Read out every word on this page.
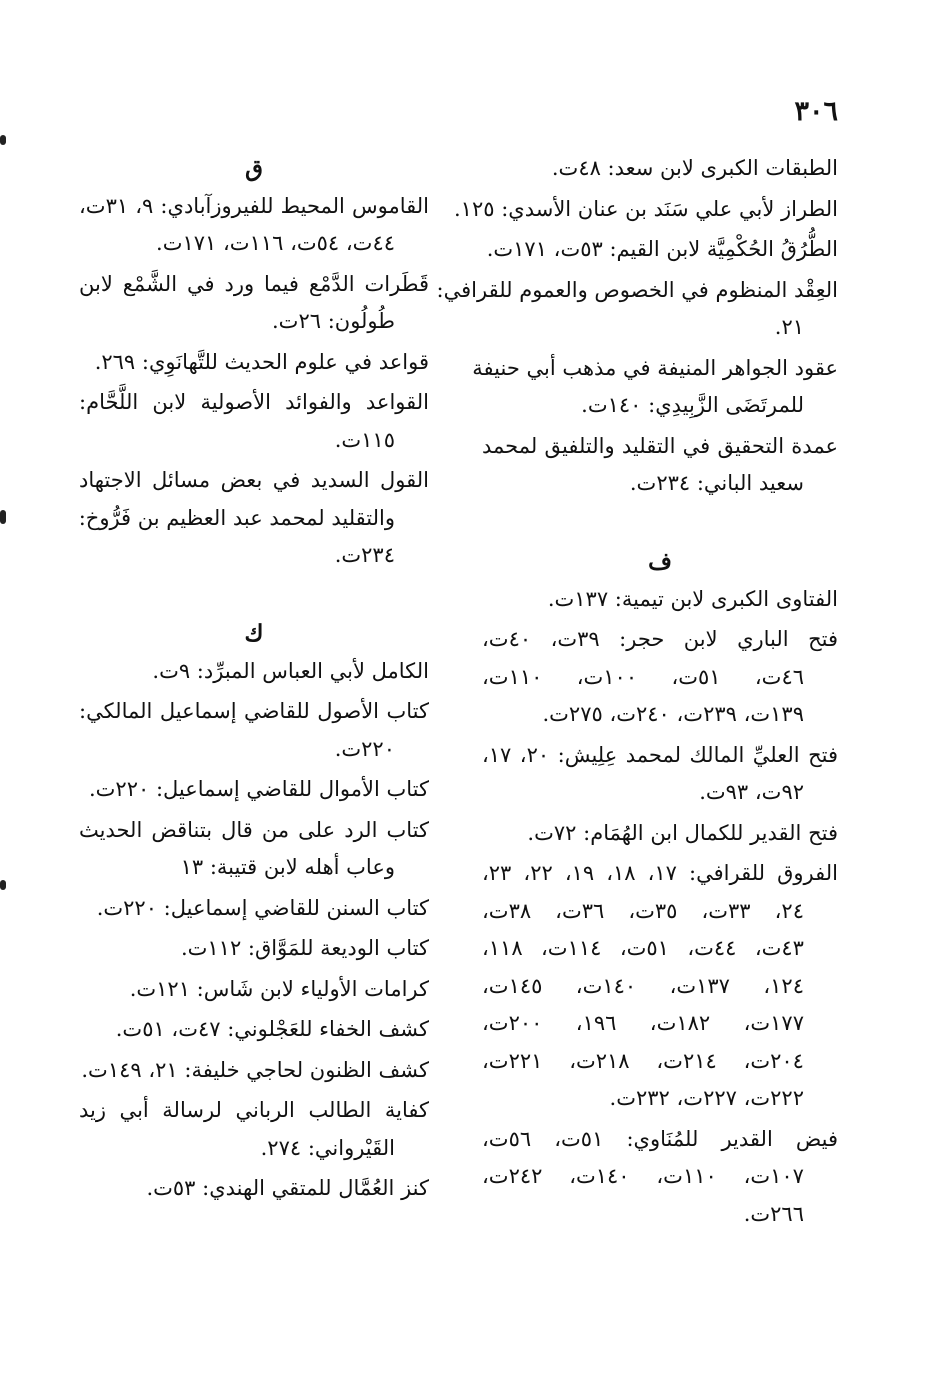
٣٠٦
الطبقات الكبرى لابن سعد: ٤٨ت.
الطراز لأبي علي سَنَد بن عنان الأسدي: ١٢٥.
الطُّرُقُ الحُكْمِيَّة لابن القيم: ٥٣ت، ١٧١ت.
العِقْد المنظوم في الخصوص والعموم للقرافي:
٢١.
عقود الجواهر المنيفة في مذهب أبي حنيفة
للمرتَضَى الزَّبِيدِي: ١٤٠ت.
عمدة التحقيق في التقليد والتلفيق لمحمد
سعيد الباني: ٢٣٤ت.
ف
الفتاوى الكبرى لابن تيمية: ١٣٧ت.
فتح الباري لابن حجر: ٣٩ت، ٤٠ت،
٤٦ت، ٥١ت، ١٠٠ت، ١١٠ت،
١٣٩ت، ٢٣٩ت، ٢٤٠ت، ٢٧٥ت.
فتح العليِّ المالك لمحمد عِلِيش: ٢٠، ١٧،
٩٢ت، ٩٣ت.
فتح القدير للكمال ابن الهُمَام: ٧٢ت.
الفروق للقرافي: ١٧، ١٨، ١٩، ٢٢، ٢٣،
٢٤، ٣٣ت، ٣٥ت، ٣٦ت، ٣٨ت،
٤٣ت، ٤٤ت، ٥١ت، ١١٤ت، ١١٨،
١٢٤، ١٣٧ت، ١٤٠ت، ١٤٥ت،
١٧٧ت، ١٨٢ت، ١٩٦، ٢٠٠ت،
٢٠٤ت، ٢١٤ت، ٢١٨ت، ٢٢١ت،
٢٢٢ت، ٢٢٧ت، ٢٣٢ت.
فيض القدير للمُنَاوي: ٥١ت، ٥٦ت،
١٠٧ت، ١١٠ت، ١٤٠ت، ٢٤٢ت،
٢٦٦ت.
ق
القاموس المحيط للفيروزآبادي: ٩، ٣١ت،
٤٤ت، ٥٤ت، ١١٦ت، ١٧١ت.
قَطَرات الدَّمْع فيما ورد في الشَّمْع لابن
طُولُون: ٢٦ت.
قواعد في علوم الحديث للتَّهانَوِي: ٢٦٩.
القواعد والفوائد الأصولية لابن اللَّحَّام:
١١٥ت.
القول السديد في بعض مسائل الاجتهاد
والتقليد لمحمد عبد العظيم بن فَرُّوخ:
٢٣٤ت.
ك
الكامل لأبي العباس المبرِّد: ٩ت.
كتاب الأصول للقاضي إسماعيل المالكي:
٢٢٠ت.
كتاب الأموال للقاضي إسماعيل: ٢٢٠ت.
كتاب الرد على من قال بتناقض الحديث
وعاب أهله لابن قتيبة: ١٣
كتاب السنن للقاضي إسماعيل: ٢٢٠ت.
كتاب الوديعة للمَوَّاق: ١١٢ت.
كرامات الأولياء لابن شَاس: ١٢١ت.
كشف الخفاء للعَجْلوني: ٤٧ت، ٥١ت.
كشف الظنون لحاجي خليفة: ٢١، ١٤٩ت.
كفاية الطالب الرباني لرسالة أبي زيد
القَيْرواني: ٢٧٤.
كنز العُمَّال للمتقي الهندي: ٥٣ت.
